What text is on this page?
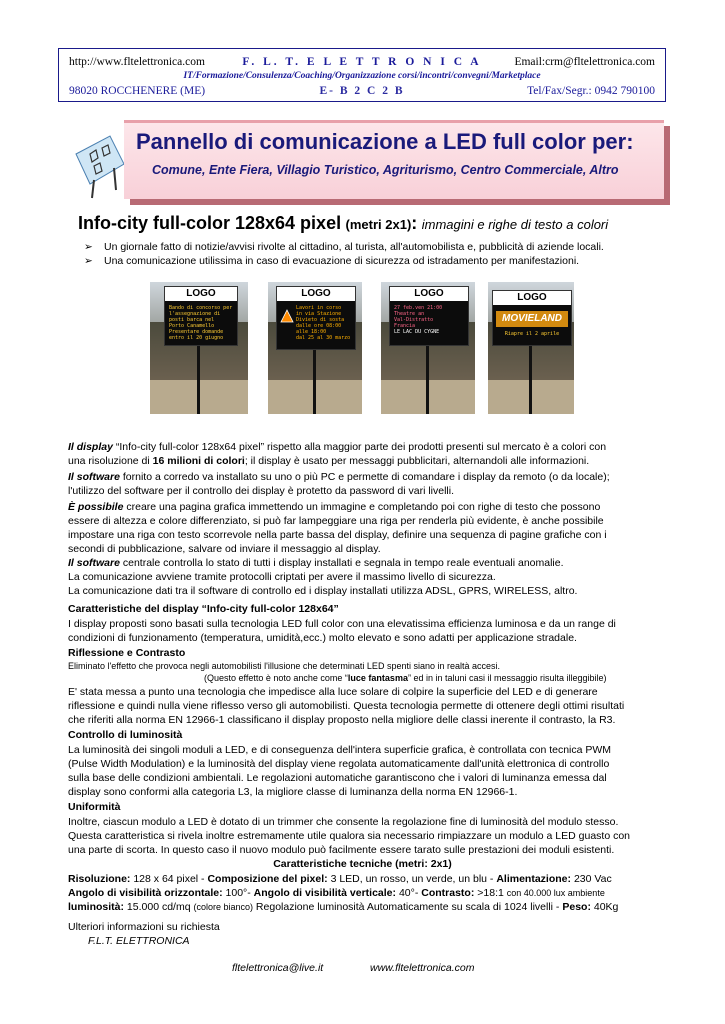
http://www.fltelettronica.com	F. L. T. E L E T T R O N I C A	Email:crm@fltelettronica.com
IT/Formazione/Consulenza/Coaching/Organizzazione corsi/incontri/convegni/Marketplace
98020 ROCCHENERE (ME)	E- B 2 C 2 B	Tel/Fax/Segr.: 0942 790100
Pannello di comunicazione a LED full color per:
Comune, Ente Fiera, Villagio Turistico, Agriturismo, Centro Commerciale, Altro
Info-city full-color 128x64 pixel (metri 2x1): immagini e righe di testo a colori
➢ Un giornale fatto di notizie/avvisi rivolte al cittadino, al turista, all'automobilista e, pubblicità di aziende locali.
➢ Una comunicazione utilissima in caso di evacuazione di sicurezza od istradamento per manifestazioni.
LOGO
Bando di concorso per
l'assegnazione di
posti barca nel
Porto Canamello
Presentare domande
entro il 20 giugno
LOGO
Lavori in corso
in via Stazione
Divieto di sosta
dalle ore 08:00
alle 18:00
dal 25 al 30 marzo
LOGO
27 feb.ven 21:00
Theatre an
Val-Distratto
Francia
LE LAC DU CYGNE
LOGO
MOVIELAND
Riapre il 2 aprile
Il display “Info-city full-color 128x64 pixel” rispetto alla maggior parte dei prodotti presenti sul mercato è a colori con
una risoluzione di 16 milioni di colori; il display è usato per messaggi pubblicitari, alternandoli alle informazioni.
Il software fornito a corredo va installato su uno o più PC e permette di comandare i display da remoto (o da locale);
l'utilizzo del software per il controllo dei display è protetto da password di vari livelli.
È possibile creare una pagina grafica immettendo un immagine e completando poi con righe di testo che possono
essere di altezza e colore differenziato, si può far lampeggiare una riga per renderla più evidente, è anche possibile
impostare una riga con testo scorrevole nella parte bassa del display, definire una sequenza di pagine grafiche con i
secondi di pubblicazione, salvare od inviare il messaggio al display.
Il software centrale controlla lo stato di tutti i display installati e segnala in tempo reale eventuali anomalie.
La comunicazione avviene tramite protocolli criptati per avere il massimo livello di sicurezza.
La comunicazione dati tra il software di controllo ed i display installati utilizza ADSL, GPRS, WIRELESS, altro.
Caratteristiche del display “Info-city full-color 128x64”
I display proposti sono basati sulla tecnologia LED full color con una elevatissima efficienza luminosa e da un range di
condizioni di funzionamento (temperatura, umidità,ecc.) molto elevato e sono adatti per applicazione stradale.
Riflessione e Contrasto
Eliminato l'effetto che provoca negli automobilisti l'illusione che determinati LED spenti siano in realtà accesi.
(Questo effetto è noto anche come “luce fantasma” ed in in taluni casi il messaggio risulta illeggibile)
E' stata messa a punto una tecnologia che impedisce alla luce solare di colpire la superficie del LED e di generare
riflessione e quindi nulla viene riflesso verso gli automobilisti. Questa tecnologia permette di ottenere degli ottimi risultati
che riferiti alla norma EN 12966-1 classificano il display proposto nella migliore delle classi inerente il contrasto, la R3.
Controllo di luminosità
La luminosità dei singoli moduli a LED, e di conseguenza dell'intera superficie grafica, è controllata con tecnica PWM
(Pulse Width Modulation) e la luminosità del display viene regolata automaticamente dall'unità elettronica di controllo
sulla base delle condizioni ambientali. Le regolazioni automatiche garantiscono che i valori di luminanza emessa dal
display sono conformi alla categoria L3, la migliore classe di luminanza della norma EN 12966-1.
Uniformità
Inoltre, ciascun modulo a LED è dotato di un trimmer che consente la regolazione fine di luminosità del modulo stesso.
Questa caratteristica si rivela inoltre estremamente utile qualora sia necessario rimpiazzare un modulo a LED guasto con
una parte di scorta. In questo caso il nuovo modulo può facilmente essere tarato sulle prestazioni dei moduli esistenti.
Caratteristiche tecniche (metri: 2x1)
Risoluzione: 128 x 64 pixel - Composizione del pixel: 3 LED, un rosso, un verde, un blu - Alimentazione: 230 Vac
Angolo di visibilità orizzontale: 100°- Angolo di visibilità verticale: 40°- Contrasto: >18:1 con 40.000 lux ambiente
luminosità: 15.000 cd/mq (colore bianco) Regolazione luminosità Automaticamente su scala di 1024 livelli - Peso: 40Kg
Ulteriori informazioni su richiesta
F.L.T. ELETTRONICA
fltelettronica@live.it	www.fltelettronica.com
